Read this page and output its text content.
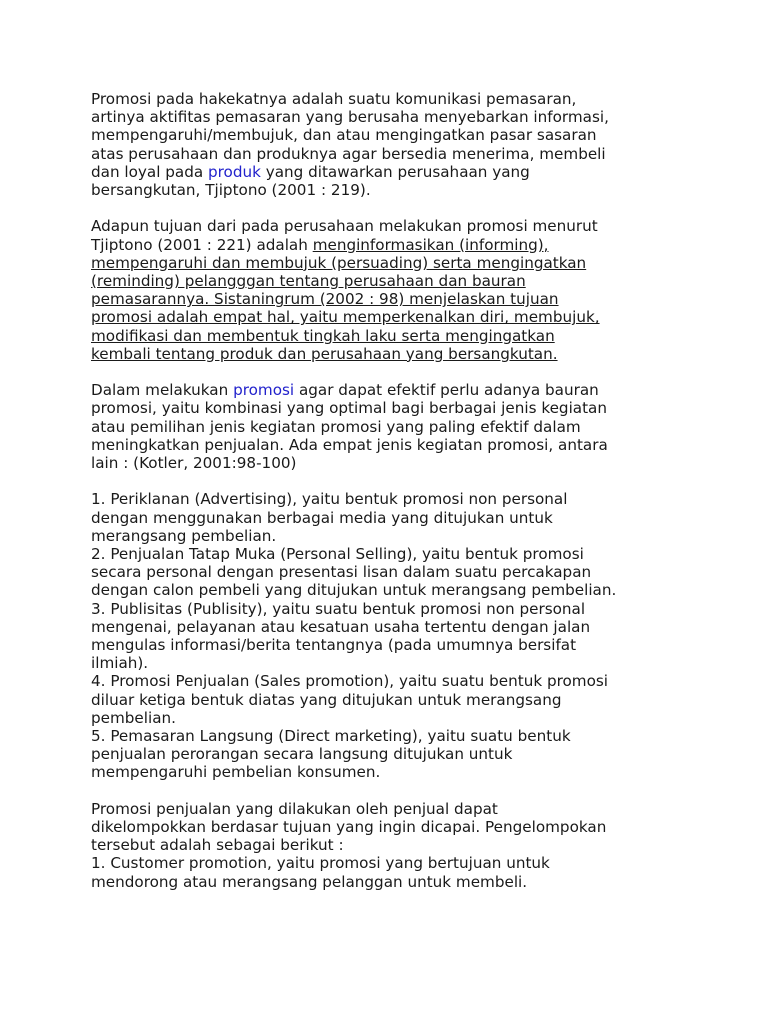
Promosi pada hakekatnya adalah suatu komunikasi pemasaran,
artinya aktifitas pemasaran yang berusaha menyebarkan informasi,
mempengaruhi/membujuk, dan atau mengingatkan pasar sasaran
atas perusahaan dan produknya agar bersedia menerima, membeli
dan loyal pada produk yang ditawarkan perusahaan yang
bersangkutan, Tjiptono (2001 : 219).

Adapun tujuan dari pada perusahaan melakukan promosi menurut
Tjiptono (2001 : 221) adalah menginformasikan (informing),
mempengaruhi dan membujuk (persuading) serta mengingatkan
(reminding) pelangggan tentang perusahaan dan bauran
pemasarannya. Sistaningrum (2002 : 98) menjelaskan tujuan
promosi adalah empat hal, yaitu memperkenalkan diri, membujuk,
modifikasi dan membentuk tingkah laku serta mengingatkan
kembali tentang produk dan perusahaan yang bersangkutan.

Dalam melakukan promosi agar dapat efektif perlu adanya bauran
promosi, yaitu kombinasi yang optimal bagi berbagai jenis kegiatan
atau pemilihan jenis kegiatan promosi yang paling efektif dalam
meningkatkan penjualan. Ada empat jenis kegiatan promosi, antara
lain : (Kotler, 2001:98-100)

1. Periklanan (Advertising), yaitu bentuk promosi non personal
dengan menggunakan berbagai media yang ditujukan untuk
merangsang pembelian.
2. Penjualan Tatap Muka (Personal Selling), yaitu bentuk promosi
secara personal dengan presentasi lisan dalam suatu percakapan
dengan calon pembeli yang ditujukan untuk merangsang pembelian.
3. Publisitas (Publisity), yaitu suatu bentuk promosi non personal
mengenai, pelayanan atau kesatuan usaha tertentu dengan jalan
mengulas informasi/berita tentangnya (pada umumnya bersifat
ilmiah).
4. Promosi Penjualan (Sales promotion), yaitu suatu bentuk promosi
diluar ketiga bentuk diatas yang ditujukan untuk merangsang
pembelian.
5. Pemasaran Langsung (Direct marketing), yaitu suatu bentuk
penjualan perorangan secara langsung ditujukan untuk
mempengaruhi pembelian konsumen.

Promosi penjualan yang dilakukan oleh penjual dapat
dikelompokkan berdasar tujuan yang ingin dicapai. Pengelompokan
tersebut adalah sebagai berikut :
1. Customer promotion, yaitu promosi yang bertujuan untuk
mendorong atau merangsang pelanggan untuk membeli.
